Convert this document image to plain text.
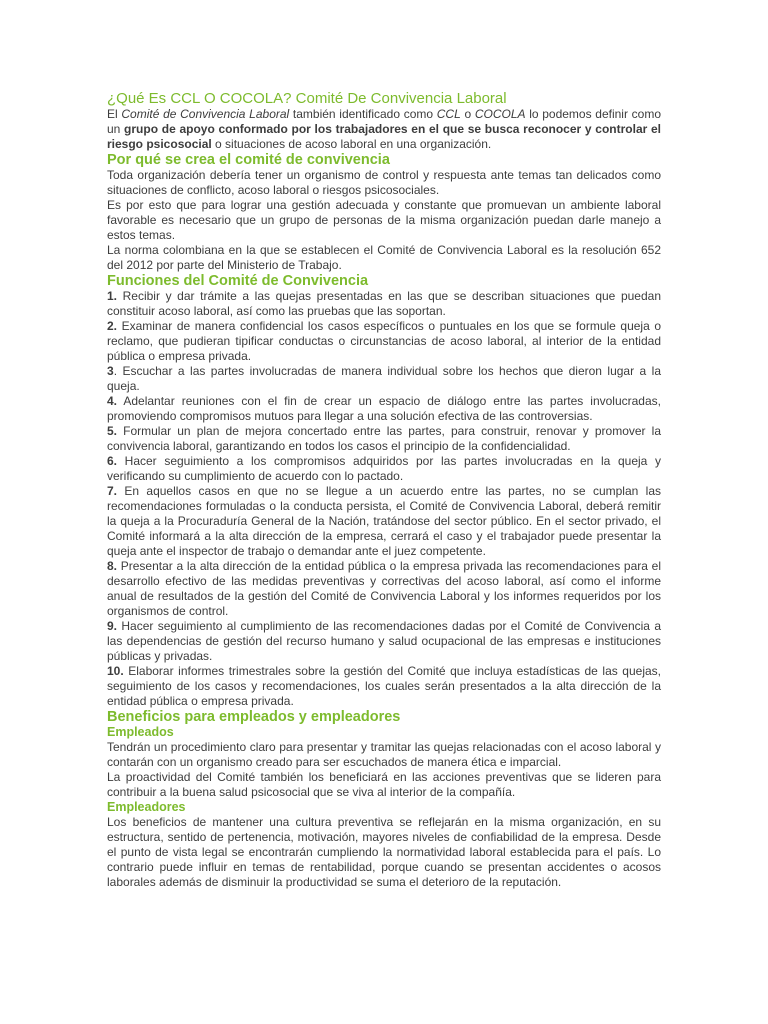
¿Qué Es CCL O COCOLA? Comité De Convivencia Laboral

El Comité de Convivencia Laboral también identificado como CCL o COCOLA lo podemos definir como un grupo de apoyo conformado por los trabajadores en el que se busca reconocer y controlar el riesgo psicosocial o situaciones de acoso laboral en una organización.

Por qué se crea el comité de convivencia

Toda organización debería tener un organismo de control y respuesta ante temas tan delicados como situaciones de conflicto, acoso laboral o riesgos psicosociales.

Es por esto que para lograr una gestión adecuada y constante que promuevan un ambiente laboral favorable es necesario que un grupo de personas de la misma organización puedan darle manejo a estos temas.

La norma colombiana en la que se establecen el Comité de Convivencia Laboral es la resolución 652 del 2012 por parte del Ministerio de Trabajo.

Funciones del Comité de Convivencia

1. Recibir y dar trámite a las quejas presentadas en las que se describan situaciones que puedan constituir acoso laboral, así como las pruebas que las soportan.

2. Examinar de manera confidencial los casos específicos o puntuales en los que se formule queja o reclamo, que pudieran tipificar conductas o circunstancias de acoso laboral, al interior de la entidad pública o empresa privada.

3. Escuchar a las partes involucradas de manera individual sobre los hechos que dieron lugar a la queja.

4. Adelantar reuniones con el fin de crear un espacio de diálogo entre las partes involucradas, promoviendo compromisos mutuos para llegar a una solución efectiva de las controversias.

5. Formular un plan de mejora concertado entre las partes, para construir, renovar y promover la convivencia laboral, garantizando en todos los casos el principio de la confidencialidad.

6. Hacer seguimiento a los compromisos adquiridos por las partes involucradas en la queja y verificando su cumplimiento de acuerdo con lo pactado.

7. En aquellos casos en que no se llegue a un acuerdo entre las partes, no se cumplan las recomendaciones formuladas o la conducta persista, el Comité de Convivencia Laboral, deberá remitir la queja a la Procuraduría General de la Nación, tratándose del sector público. En el sector privado, el Comité informará a la alta dirección de la empresa, cerrará el caso y el trabajador puede presentar la queja ante el inspector de trabajo o demandar ante el juez competente.

8. Presentar a la alta dirección de la entidad pública o la empresa privada las recomendaciones para el desarrollo efectivo de las medidas preventivas y correctivas del acoso laboral, así como el informe anual de resultados de la gestión del Comité de Convivencia Laboral y los informes requeridos por los organismos de control.

9. Hacer seguimiento al cumplimiento de las recomendaciones dadas por el Comité de Convivencia a las dependencias de gestión del recurso humano y salud ocupacional de las empresas e instituciones públicas y privadas.

10. Elaborar informes trimestrales sobre la gestión del Comité que incluya estadísticas de las quejas, seguimiento de los casos y recomendaciones, los cuales serán presentados a la alta dirección de la entidad pública o empresa privada.

Beneficios para empleados y empleadores
Empleados

Tendrán un procedimiento claro para presentar y tramitar las quejas relacionadas con el acoso laboral y contarán con un organismo creado para ser escuchados de manera ética e imparcial.

La proactividad del Comité también los beneficiará en las acciones preventivas que se lideren para contribuir a la buena salud psicosocial que se viva al interior de la compañía.

Empleadores

Los beneficios de mantener una cultura preventiva se reflejarán en la misma organización, en su estructura, sentido de pertenencia, motivación, mayores niveles de confiabilidad de la empresa. Desde el punto de vista legal se encontrarán cumpliendo la normatividad laboral establecida para el país. Lo contrario puede influir en temas de rentabilidad, porque cuando se presentan accidentes o acosos laborales además de disminuir la productividad se suma el deterioro de la reputación.
